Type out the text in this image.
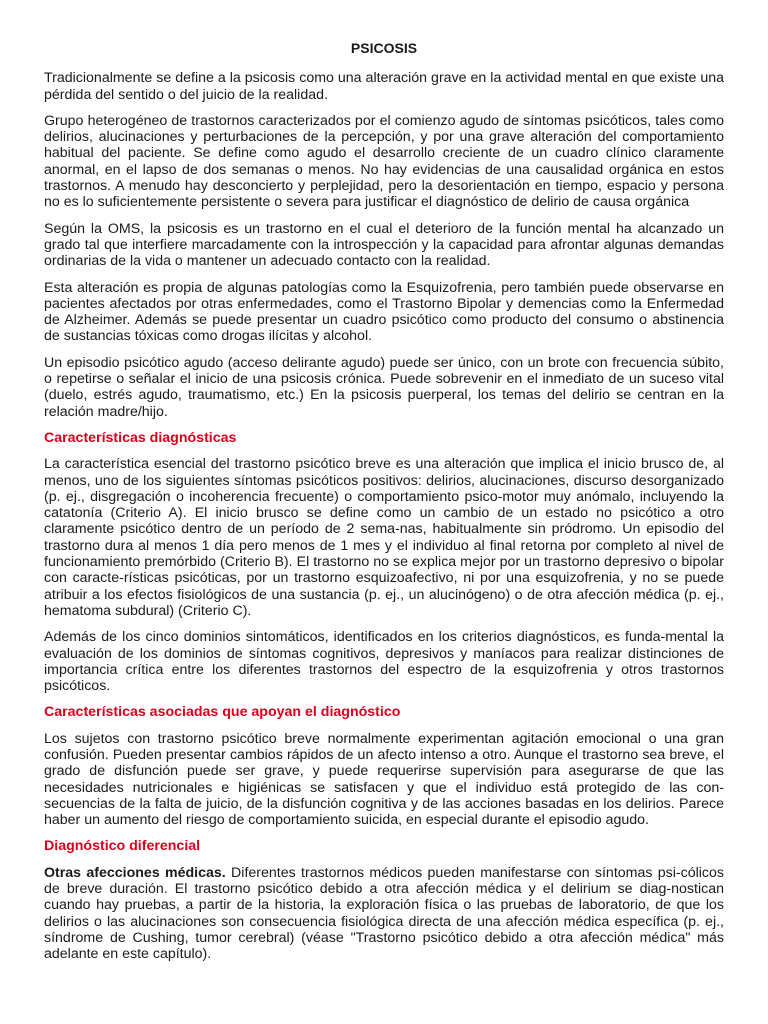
PSICOSIS

Tradicionalmente se define a la psicosis como una alteración grave en la actividad mental en que existe una pérdida del sentido o del juicio de la realidad.

Grupo heterogéneo de trastornos caracterizados por el comienzo agudo de síntomas psicóticos, tales como delirios, alucinaciones y perturbaciones de la percepción, y por una grave alteración del comportamiento habitual del paciente. Se define como agudo el desarrollo creciente de un cuadro clínico claramente anormal, en el lapso de dos semanas o menos. No hay evidencias de una causalidad orgánica en estos trastornos. A menudo hay desconcierto y perplejidad, pero la desorientación en tiempo, espacio y persona no es lo suficientemente persistente o severa para justificar el diagnóstico de delirio de causa orgánica

Según la OMS, la psicosis es un trastorno en el cual el deterioro de la función mental ha alcanzado un grado tal que interfiere marcadamente con la introspección y la capacidad para afrontar algunas demandas ordinarias de la vida o mantener un adecuado contacto con la realidad.

Esta alteración es propia de algunas patologías como la Esquizofrenia, pero también puede observarse en pacientes afectados por otras enfermedades, como el Trastorno Bipolar y demencias como la Enfermedad de Alzheimer. Además se puede presentar un cuadro psicótico como producto del consumo o abstinencia de sustancias tóxicas como drogas ilícitas y alcohol.

Un episodio psicótico agudo (acceso delirante agudo) puede ser único, con un brote con frecuencia súbito, o repetirse o señalar el inicio de una psicosis crónica. Puede sobrevenir en el inmediato de un suceso vital (duelo, estrés agudo, traumatismo, etc.) En la psicosis puerperal, los temas del delirio se centran en la relación madre/hijo.

Características diagnósticas

La característica esencial del trastorno psicótico breve es una alteración que implica el inicio brusco de, al menos, uno de los siguientes síntomas psicóticos positivos: delirios, alucinaciones, discurso desorganizado (p. ej., disgregación o incoherencia frecuente) o comportamiento psico-motor muy anómalo, incluyendo la catatonía (Criterio A). El inicio brusco se define como un cambio de un estado no psicótico a otro claramente psicótico dentro de un período de 2 sema-nas, habitualmente sin pródromo. Un episodio del trastorno dura al menos 1 día pero menos de 1 mes y el individuo al final retorna por completo al nivel de funcionamiento premórbido (Criterio B). El trastorno no se explica mejor por un trastorno depresivo o bipolar con caracte-rísticas psicóticas, por un trastorno esquizoafectivo, ni por una esquizofrenia, y no se puede atribuir a los efectos fisiológicos de una sustancia (p. ej., un alucinógeno) o de otra afección médica (p. ej., hematoma subdural) (Criterio C).

Además de los cinco dominios sintomáticos, identificados en los criterios diagnósticos, es funda-mental la evaluación de los dominios de síntomas cognitivos, depresivos y maníacos para realizar distinciones de importancia crítica entre los diferentes trastornos del espectro de la esquizofrenia y otros trastornos psicóticos.

Características asociadas que apoyan el diagnóstico

Los sujetos con trastorno psicótico breve normalmente experimentan agitación emocional o una gran confusión. Pueden presentar cambios rápidos de un afecto intenso a otro. Aunque el trastorno sea breve, el grado de disfunción puede ser grave, y puede requerirse supervisión para asegurarse de que las necesidades nutricionales e higiénicas se satisfacen y que el individuo está protegido de las con-secuencias de la falta de juicio, de la disfunción cognitiva y de las acciones basadas en los delirios. Parece haber un aumento del riesgo de comportamiento suicida, en especial durante el episodio agudo.

Diagnóstico diferencial

Otras afecciones médicas. Diferentes trastornos médicos pueden manifestarse con síntomas psi-cólicos de breve duración. El trastorno psicótico debido a otra afección médica y el delirium se diag-nostican cuando hay pruebas, a partir de la historia, la exploración física o las pruebas de laboratorio, de que los delirios o las alucinaciones son consecuencia fisiológica directa de una afección médica específica (p. ej., síndrome de Cushing, tumor cerebral) (véase "Trastorno psicótico debido a otra afección médica" más adelante en este capítulo).
